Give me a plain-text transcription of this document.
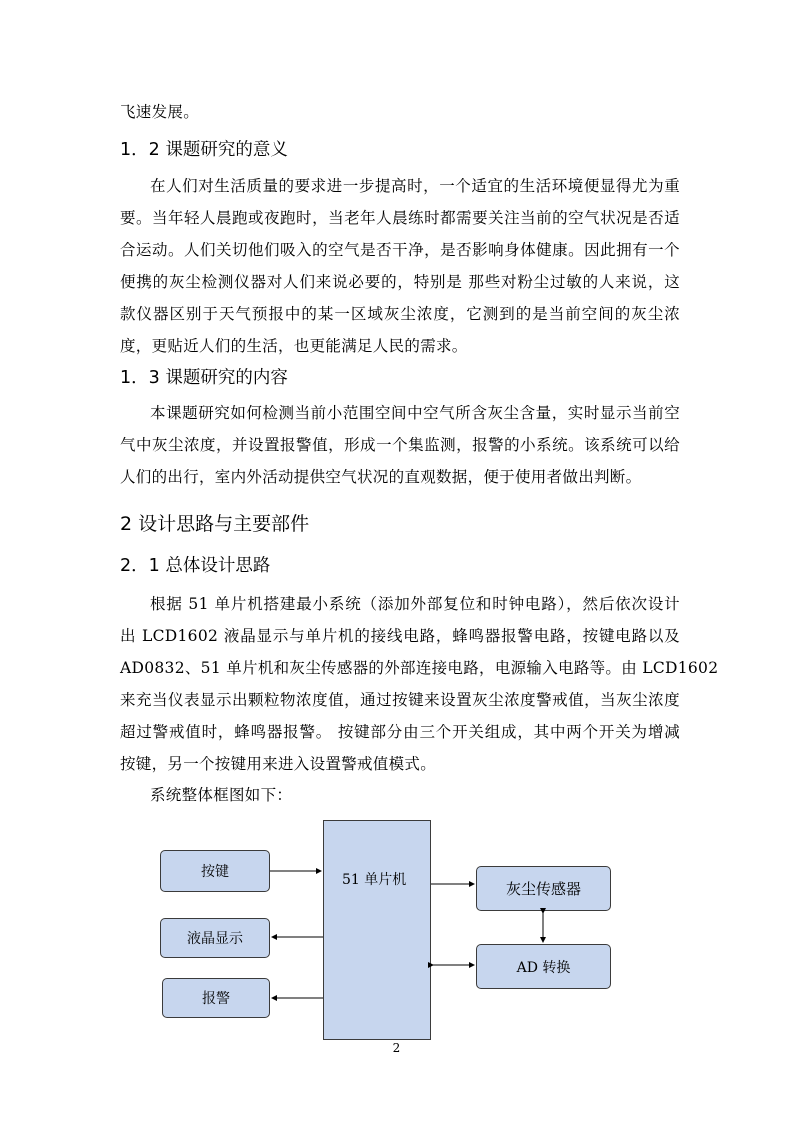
飞速发展。
1．2 课题研究的意义
在人们对生活质量的要求进一步提高时，一个适宜的生活环境便显得尤为重
要。当年轻人晨跑或夜跑时，当老年人晨练时都需要关注当前的空气状况是否适
合运动。人们关切他们吸入的空气是否干净，是否影响身体健康。因此拥有一个
便携的灰尘检测仪器对人们来说必要的，特别是 那些对粉尘过敏的人来说，这
款仪器区别于天气预报中的某一区域灰尘浓度，它测到的是当前空间的灰尘浓
度，更贴近人们的生活，也更能满足人民的需求。
1．3 课题研究的内容
本课题研究如何检测当前小范围空间中空气所含灰尘含量，实时显示当前空
气中灰尘浓度，并设置报警值，形成一个集监测，报警的小系统。该系统可以给
人们的出行，室内外活动提供空气状况的直观数据，便于使用者做出判断。
2 设计思路与主要部件
2．1 总体设计思路
根据 51 单片机搭建最小系统（添加外部复位和时钟电路），然后依次设计
出 LCD1602 液晶显示与单片机的接线电路，蜂鸣器报警电路，按键电路以及
AD0832、51 单片机和灰尘传感器的外部连接电路，电源输入电路等。由 LCD1602
来充当仪表显示出颗粒物浓度值，通过按键来设置灰尘浓度警戒值，当灰尘浓度
超过警戒值时，蜂鸣器报警。 按键部分由三个开关组成，其中两个开关为增减
按键，另一个按键用来进入设置警戒值模式。
系统整体框图如下：
51 单片机
按键
液晶显示
报警
灰尘传感器
AD 转换
2
